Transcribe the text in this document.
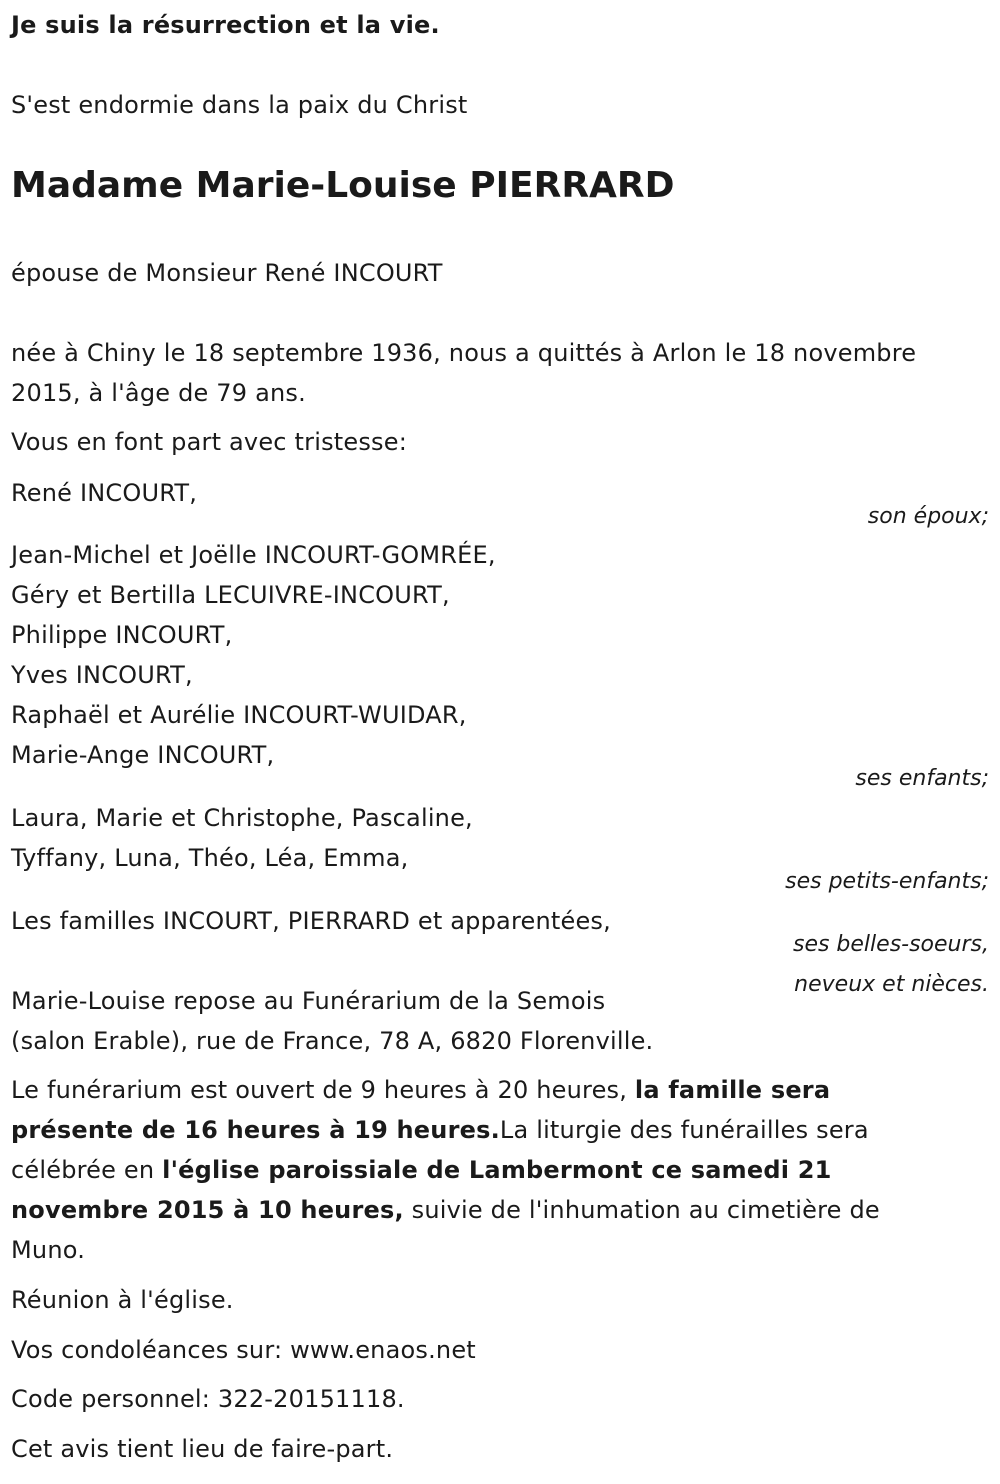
Je suis la résurrection et la vie.
S'est endormie dans la paix du Christ
Madame Marie-Louise PIERRARD
épouse de Monsieur René INCOURT
née à Chiny le 18 septembre 1936, nous a quittés à Arlon le 18 novembre
2015, à l'âge de 79 ans.
Vous en font part avec tristesse:
René INCOURT,
son époux;
Jean-Michel et Joëlle INCOURT-GOMRÉE,
Géry et Bertilla LECUIVRE-INCOURT,
Philippe INCOURT,
Yves INCOURT,
Raphaël et Aurélie INCOURT-WUIDAR,
Marie-Ange INCOURT,
ses enfants;
Laura, Marie et Christophe, Pascaline,
Tyffany, Luna, Théo, Léa, Emma,
ses petits-enfants;
Les familles INCOURT, PIERRARD et apparentées,
ses belles-soeurs,
neveux et nièces.
Marie-Louise repose au Funérarium de la Semois
(salon Erable), rue de France, 78 A, 6820 Florenville.
Le funérarium est ouvert de 9 heures à 20 heures, la famille sera
présente de 16 heures à 19 heures.La liturgie des funérailles sera
célébrée en l'église paroissiale de Lambermont ce samedi 21
novembre 2015 à 10 heures, suivie de l'inhumation au cimetière de
Muno.
Réunion à l'église.
Vos condoléances sur: www.enaos.net
Code personnel: 322-20151118.
Cet avis tient lieu de faire-part.
